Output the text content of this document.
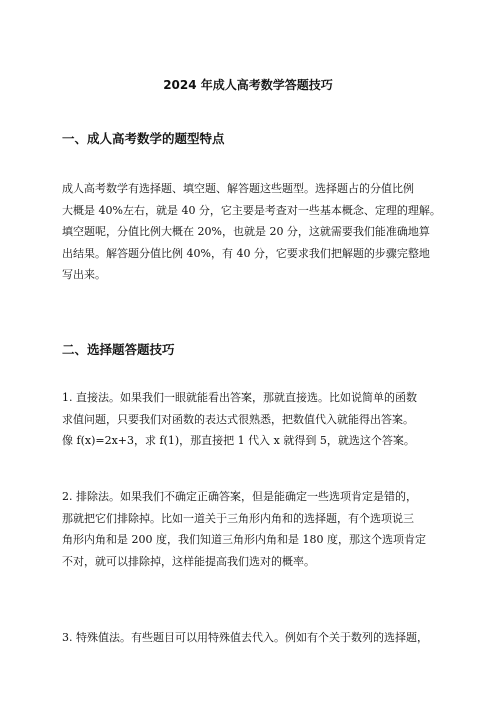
2024 年成人高考数学答题技巧
一、成人高考数学的题型特点
成人高考数学有选择题、填空题、解答题这些题型。选择题占的分值比例
大概是 40%左右，就是 40 分，它主要是考查对一些基本概念、定理的理解。
填空题呢，分值比例大概在 20%，也就是 20 分，这就需要我们能准确地算
出结果。解答题分值比例 40%，有 40 分，它要求我们把解题的步骤完整地
写出来。
二、选择题答题技巧
1. 直接法。如果我们一眼就能看出答案，那就直接选。比如说简单的函数
求值问题，只要我们对函数的表达式很熟悉，把数值代入就能得出答案。
像 f(x)=2x+3，求 f(1)，那直接把 1 代入 x 就得到 5，就选这个答案。
2. 排除法。如果我们不确定正确答案，但是能确定一些选项肯定是错的，
那就把它们排除掉。比如一道关于三角形内角和的选择题，有个选项说三
角形内角和是 200 度，我们知道三角形内角和是 180 度，那这个选项肯定
不对，就可以排除掉，这样能提高我们选对的概率。
3. 特殊值法。有些题目可以用特殊值去代入。例如有个关于数列的选择题，
